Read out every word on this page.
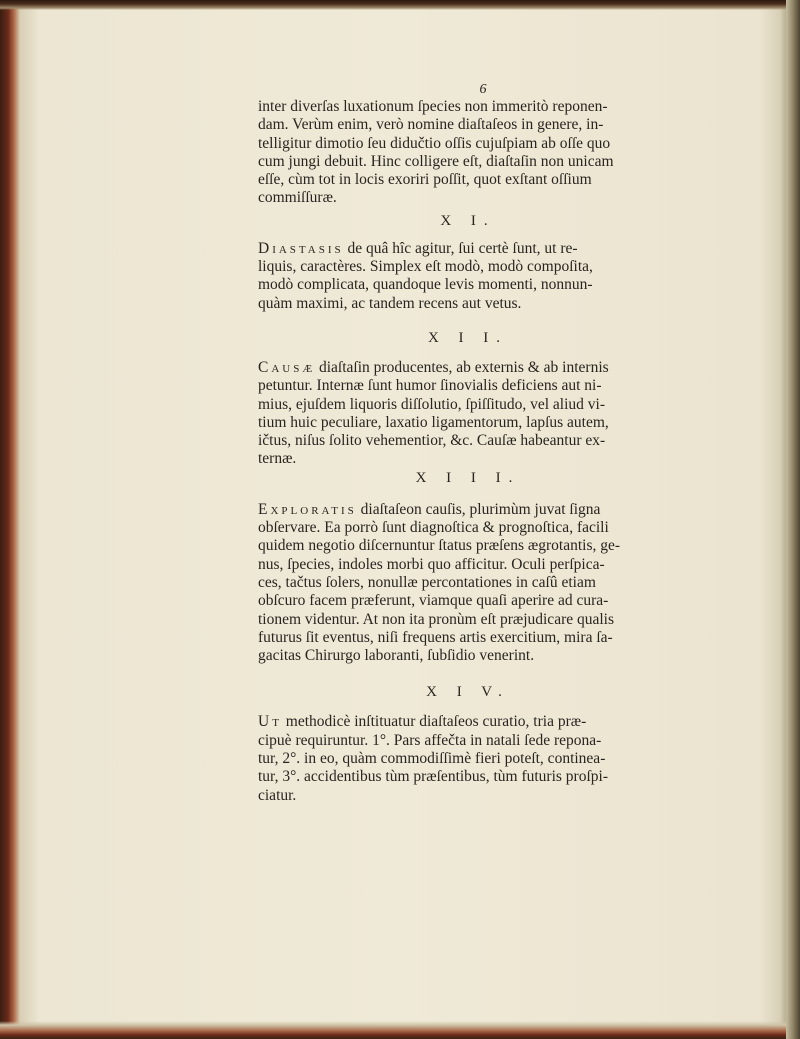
6
inter diverſas luxationum ſpecies non immeritò reponen-
dam. Verùm enim, verò nomine diaſtaſeos in genere, in-
telligitur dimotio ſeu didučtio oſſis cujuſpiam ab oſſe quo
cum jungi debuit. Hinc colligere eſt, diaſtaſin non unicam
eſſe, cùm tot in locis exoriri poſſit, quot exſtant oſſium
commiſſuræ.
X I.
Diastasis de quâ hîc agitur, ſui certè ſunt, ut re-
liquis, caractères. Simplex eſt modò, modò compoſita,
modò complicata, quandoque levis momenti, nonnun-
quàm maximi, ac tandem recens aut vetus.
X I I.
Causæ diaſtaſin producentes, ab externis & ab internis
petuntur. Internæ ſunt humor ſinovialis deficiens aut ni-
mius, ejuſdem liquoris diſſolutio, ſpiſſitudo, vel aliud vi-
tium huic peculiare, laxatio ligamentorum, lapſus autem,
ičtus, niſus ſolito vehementior, &c. Cauſæ habeantur ex-
ternæ.
X I I I.
Exploratis diaſtaſeon cauſis, plurimùm juvat ſigna
obſervare. Ea porrò ſunt diagnoſtica & prognoſtica, facili
quidem negotio diſcernuntur ſtatus præſens ægrotantis, ge-
nus, ſpecies, indoles morbi quo afficitur. Oculi perſpica-
ces, tačtus ſolers, nonullæ percontationes in caſû etiam
obſcuro facem præferunt, viamque quaſi aperire ad cura-
tionem videntur. At non ita pronùm eſt præjudicare qualis
futurus ſit eventus, niſi frequens artis exercitium, mira ſa-
gacitas Chirurgo laboranti, ſubſidio venerint.
X I V.
Ut methodicè inſtituatur diaſtaſeos curatio, tria præ-
cipuè requiruntur. 1°. Pars affečta in natali ſede repona-
tur, 2°. in eo, quàm commodiſſimè fieri poteſt, continea-
tur, 3°. accidentibus tùm præſentibus, tùm futuris proſpi-
ciatur.
